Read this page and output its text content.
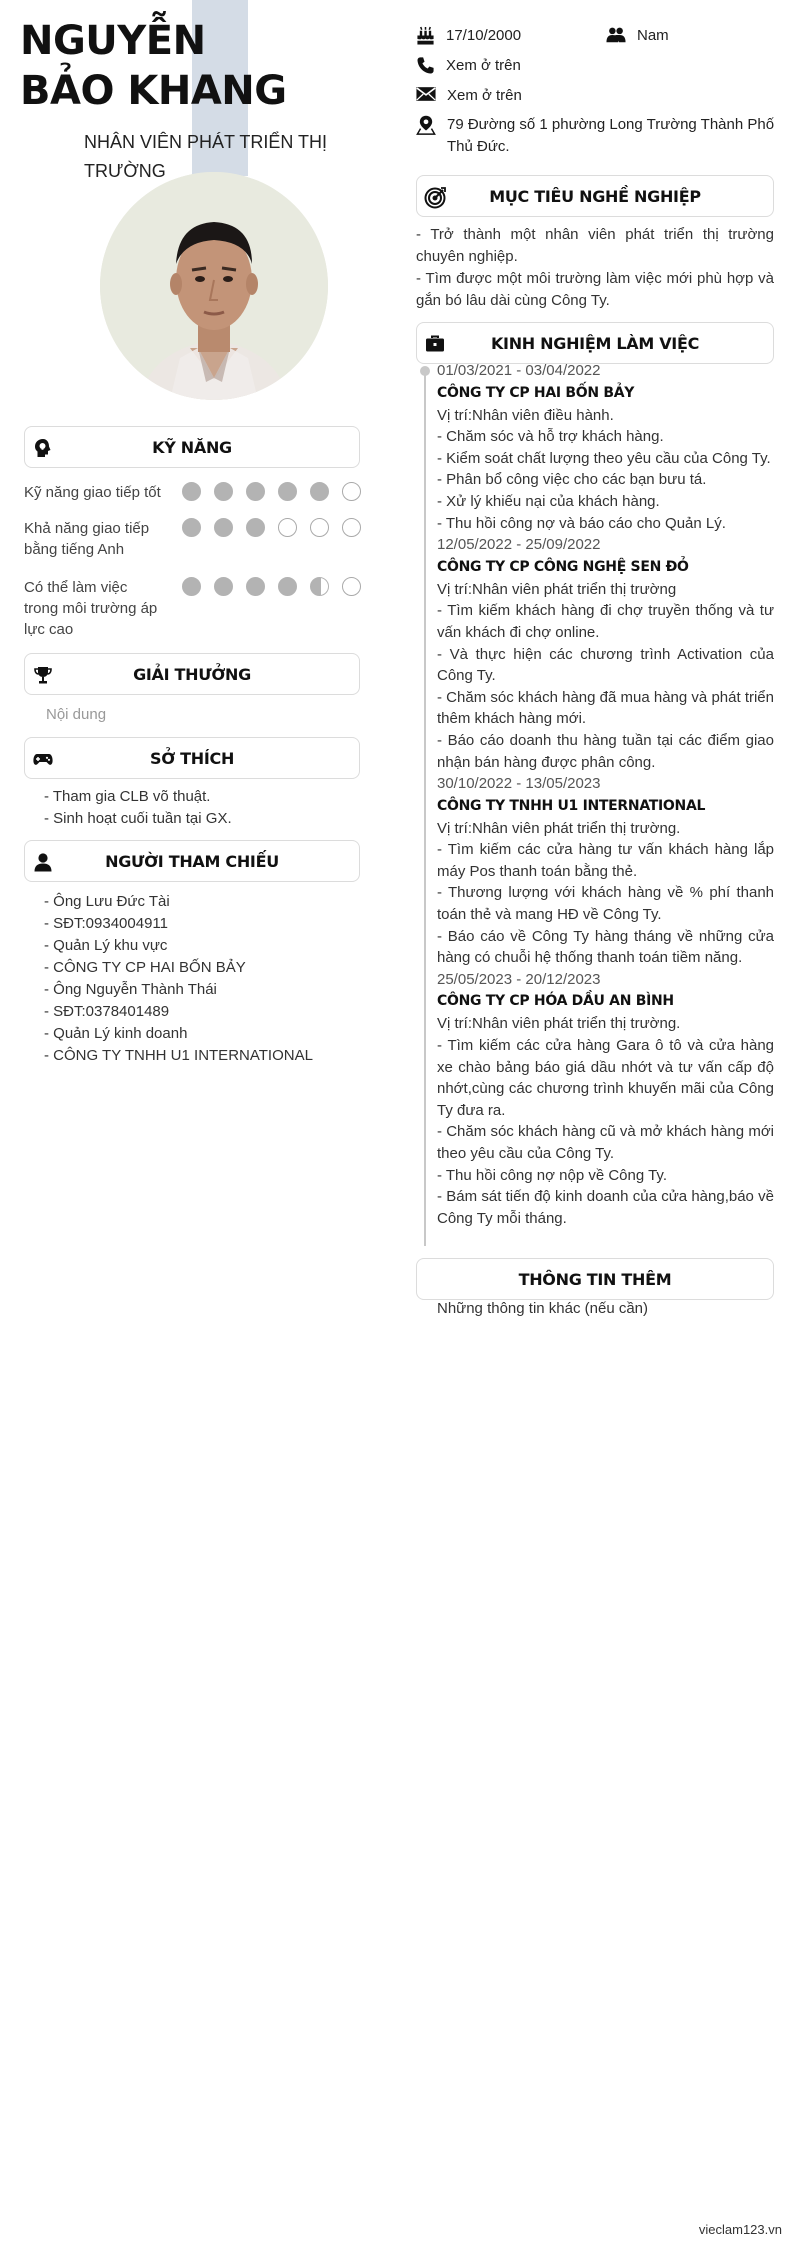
NGUYỄN BẢO KHANG
NHÂN VIÊN PHÁT TRIỂN THỊ TRƯỜNG
KỸ NĂNG
Kỹ năng giao tiếp tốt
Khả năng giao tiếp bằng tiếng Anh
Có thể làm việc trong môi trường áp lực cao
GIẢI THƯỞNG
Nội dung
SỞ THÍCH
- Tham gia CLB võ thuật.
- Sinh hoạt cuối tuần tại GX.
NGƯỜI THAM CHIẾU
- Ông Lưu Đức Tài
- SĐT:0934004911
- Quản Lý khu vực
- CÔNG TY CP HAI BỐN BẢY
- Ông Nguyễn Thành Thái
- SĐT:0378401489
- Quản Lý kinh doanh
- CÔNG TY TNHH U1 INTERNATIONAL
17/10/2000	Nam
Xem ở trên
Xem ở trên
79 Đường số 1 phường Long Trường Thành Phố Thủ Đức.
MỤC TIÊU NGHỀ NGHIỆP
- Trở thành một nhân viên phát triển thị trường chuyên nghiệp.
- Tìm được một môi trường làm việc mới phù hợp và gắn bó lâu dài cùng Công Ty.
KINH NGHIỆM LÀM VIỆC
01/03/2021 - 03/04/2022
CÔNG TY CP HAI BỐN BẢY
Vị trí:Nhân viên điều hành.
- Chăm sóc và hỗ trợ khách hàng.
- Kiểm soát chất lượng theo yêu cầu của Công Ty.
- Phân bổ công việc cho các bạn bưu tá.
- Xử lý khiếu nại của khách hàng.
- Thu hồi công nợ và báo cáo cho Quản Lý.
12/05/2022 - 25/09/2022
CÔNG TY CP CÔNG NGHỆ SEN ĐỎ
Vị trí:Nhân viên phát triển thị trường
- Tìm kiếm khách hàng đi chợ truyền thống và tư vấn khách đi chợ online.
- Và thực hiện các chương trình Activation của Công Ty.
- Chăm sóc khách hàng đã mua hàng và phát triển thêm khách hàng mới.
- Báo cáo doanh thu hàng tuần tại các điểm giao nhận bán hàng được phân công.
30/10/2022 - 13/05/2023
CÔNG TY TNHH U1 INTERNATIONAL
Vị trí:Nhân viên phát triển thị trường.
- Tìm kiếm các cửa hàng tư vấn khách hàng lắp máy Pos thanh toán bằng thẻ.
- Thương lượng với khách hàng về % phí thanh toán thẻ và mang HĐ về Công Ty.
- Báo cáo về Công Ty hàng tháng về những cửa hàng có chuỗi hệ thống thanh toán tiềm năng.
25/05/2023 - 20/12/2023
CÔNG TY CP HÓA DẦU AN BÌNH
Vị trí:Nhân viên phát triển thị trường.
- Tìm kiếm các cửa hàng Gara ô tô và cửa hàng xe chào bảng báo giá dầu nhớt và tư vấn cấp độ nhớt,cùng các chương trình khuyến mãi của Công Ty đưa ra.
- Chăm sóc khách hàng cũ và mở khách hàng mới theo yêu cầu của Công Ty.
- Thu hồi công nợ nộp về Công Ty.
- Bám sát tiến độ kinh doanh của cửa hàng,báo về Công Ty mỗi tháng.
THÔNG TIN THÊM
Những thông tin khác (nếu cần)
vieclam123.vn
